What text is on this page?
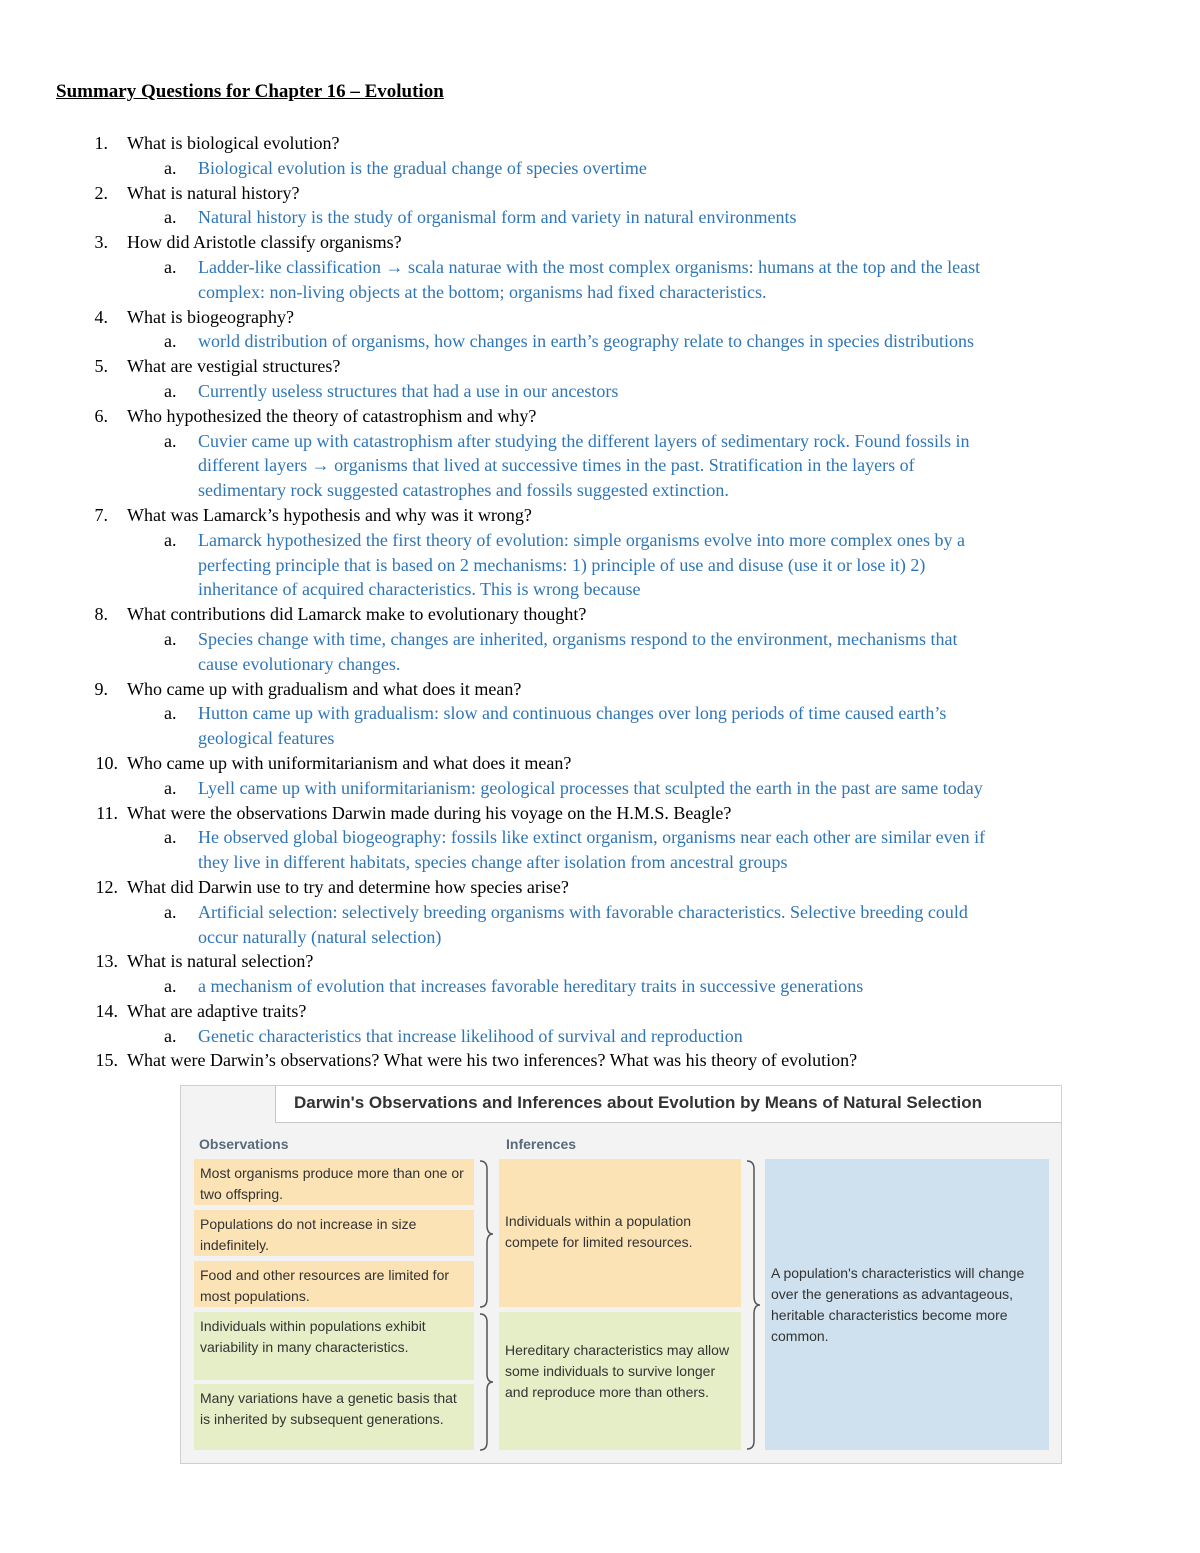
Summary Questions for Chapter 16 – Evolution
1. What is biological evolution?
a. Biological evolution is the gradual change of species overtime
2. What is natural history?
a. Natural history is the study of organismal form and variety in natural environments
3. How did Aristotle classify organisms?
a. Ladder-like classification → scala naturae with the most complex organisms: humans at the top and the least
complex: non-living objects at the bottom; organisms had fixed characteristics.
4. What is biogeography?
a. world distribution of organisms, how changes in earth’s geography relate to changes in species distributions
5. What are vestigial structures?
a. Currently useless structures that had a use in our ancestors
6. Who hypothesized the theory of catastrophism and why?
a. Cuvier came up with catastrophism after studying the different layers of sedimentary rock. Found fossils in
different layers → organisms that lived at successive times in the past. Stratification in the layers of
sedimentary rock suggested catastrophes and fossils suggested extinction.
7. What was Lamarck’s hypothesis and why was it wrong?
a. Lamarck hypothesized the first theory of evolution: simple organisms evolve into more complex ones by a
perfecting principle that is based on 2 mechanisms: 1) principle of use and disuse (use it or lose it) 2)
inheritance of acquired characteristics. This is wrong because
8. What contributions did Lamarck make to evolutionary thought?
a. Species change with time, changes are inherited, organisms respond to the environment, mechanisms that
cause evolutionary changes.
9. Who came up with gradualism and what does it mean?
a. Hutton came up with gradualism: slow and continuous changes over long periods of time caused earth’s
geological features
10. Who came up with uniformitarianism and what does it mean?
a. Lyell came up with uniformitarianism: geological processes that sculpted the earth in the past are same today
11. What were the observations Darwin made during his voyage on the H.M.S. Beagle?
a. He observed global biogeography: fossils like extinct organism, organisms near each other are similar even if
they live in different habitats, species change after isolation from ancestral groups
12. What did Darwin use to try and determine how species arise?
a. Artificial selection: selectively breeding organisms with favorable characteristics. Selective breeding could
occur naturally (natural selection)
13. What is natural selection?
a. a mechanism of evolution that increases favorable hereditary traits in successive generations
14. What are adaptive traits?
a. Genetic characteristics that increase likelihood of survival and reproduction
15. What were Darwin’s observations? What were his two inferences? What was his theory of evolution?
Darwin's Observations and Inferences about Evolution by Means of Natural Selection
Observations	Inferences
Most organisms produce more than one or two offspring.
Populations do not increase in size indefinitely.
Food and other resources are limited for most populations.
Individuals within populations exhibit variability in many characteristics.
Many variations have a genetic basis that is inherited by subsequent generations.
Individuals within a population compete for limited resources.
Hereditary characteristics may allow some individuals to survive longer and reproduce more than others.
A population's characteristics will change over the generations as advantageous, heritable characteristics become more common.
